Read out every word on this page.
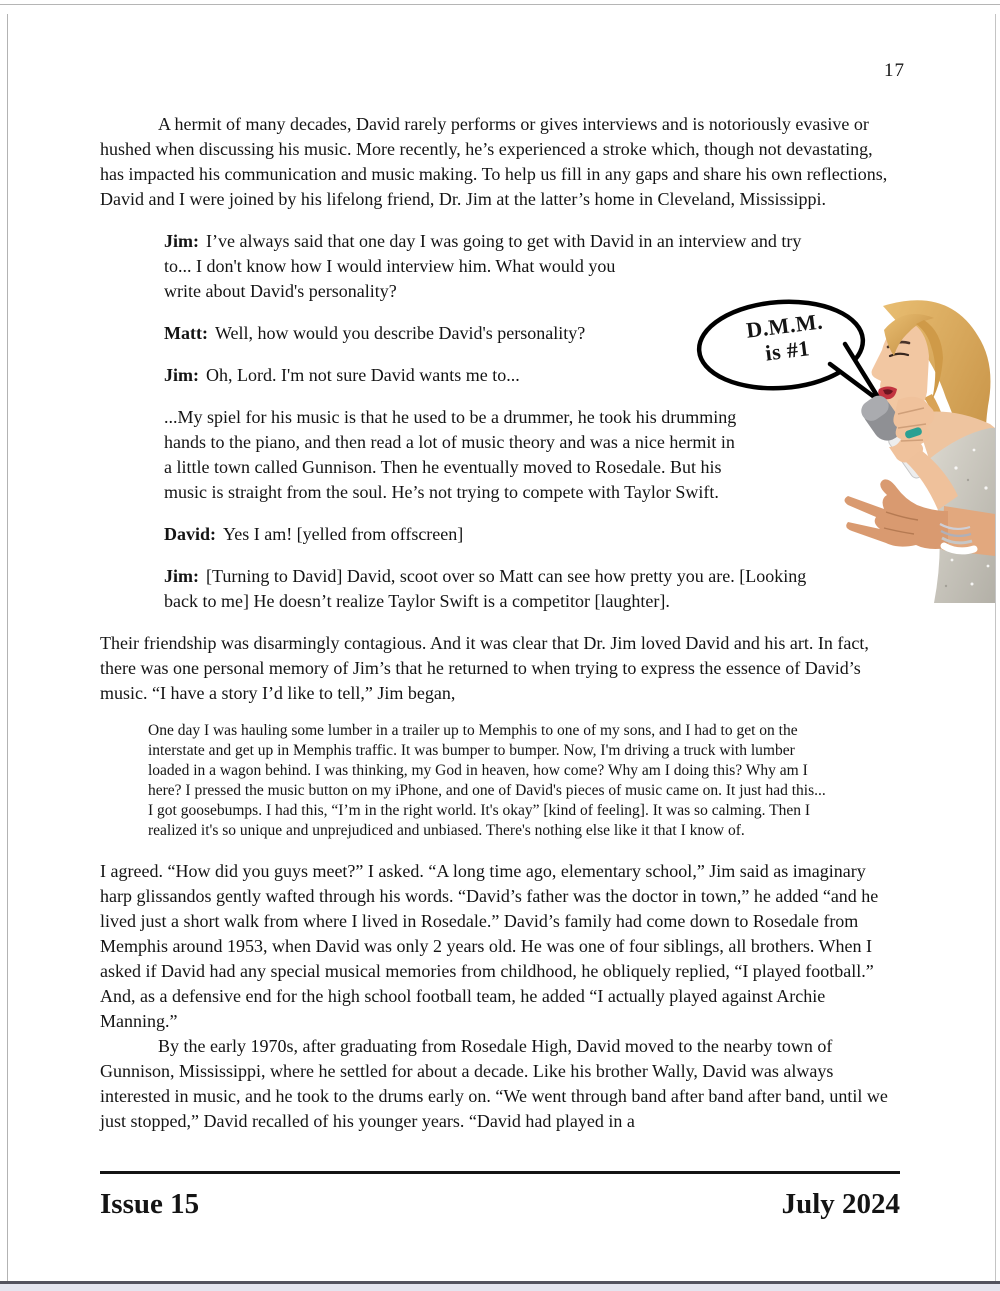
17

A hermit of many decades, David rarely performs or gives interviews and is notoriously evasive or hushed when discussing his music. More recently, he’s experienced a stroke which, though not devastating, has impacted his communication and music making. To help us fill in any gaps and share his own reflections, David and I were joined by his lifelong friend, Dr. Jim at the latter’s home in Cleveland, Mississippi.

Jim: I’ve always said that one day I was going to get with David in an interview and try
to... I don't know how I would interview him. What would you
write about David's personality?
Matt: Well, how would you describe David's personality?
Jim: Oh, Lord. I'm not sure David wants me to...
...My spiel for his music is that he used to be a drummer, he took his drumming
hands to the piano, and then read a lot of music theory and was a nice hermit in
a little town called Gunnison. Then he eventually moved to Rosedale. But his
music is straight from the soul. He’s not trying to compete with Taylor Swift.
David: Yes I am! [yelled from offscreen]
Jim: [Turning to David] David, scoot over so Matt can see how pretty you are. [Looking
back to me] He doesn’t realize Taylor Swift is a competitor [laughter].

Their friendship was disarmingly contagious. And it was clear that Dr. Jim loved David and his art. In fact, there was one personal memory of Jim’s that he returned to when trying to express the essence of David’s music. “I have a story I’d like to tell,” Jim began,

One day I was hauling some lumber in a trailer up to Memphis to one of my sons, and I had to get on the interstate and get up in Memphis traffic. It was bumper to bumper. Now, I'm driving a truck with lumber loaded in a wagon behind. I was thinking, my God in heaven, how come? Why am I doing this? Why am I here? I pressed the music button on my iPhone, and one of David's pieces of music came on. It just had this... I got goosebumps. I had this, “I’m in the right world. It's okay” [kind of feeling]. It was so calming. Then I realized it's so unique and unprejudiced and unbiased. There's nothing else like it that I know of.

I agreed. “How did you guys meet?” I asked. “A long time ago, elementary school,” Jim said as imaginary harp glissandos gently wafted through his words. “David’s father was the doctor in town,” he added “and he lived just a short walk from where I lived in Rosedale.” David’s family had come down to Rosedale from Memphis around 1953, when David was only 2 years old. He was one of four siblings, all brothers. When I asked if David had any special musical memories from childhood, he obliquely replied, “I played football.” And, as a defensive end for the high school football team, he added “I actually played against Archie Manning.”

By the early 1970s, after graduating from Rosedale High, David moved to the nearby town of Gunnison, Mississippi, where he settled for about a decade. Like his brother Wally, David was always interested in music, and he took to the drums early on. “We went through band after band after band, until we just stopped,” David recalled of his younger years. “David had played in a

D.M.M.
is #1
Issue 15	July 2024
